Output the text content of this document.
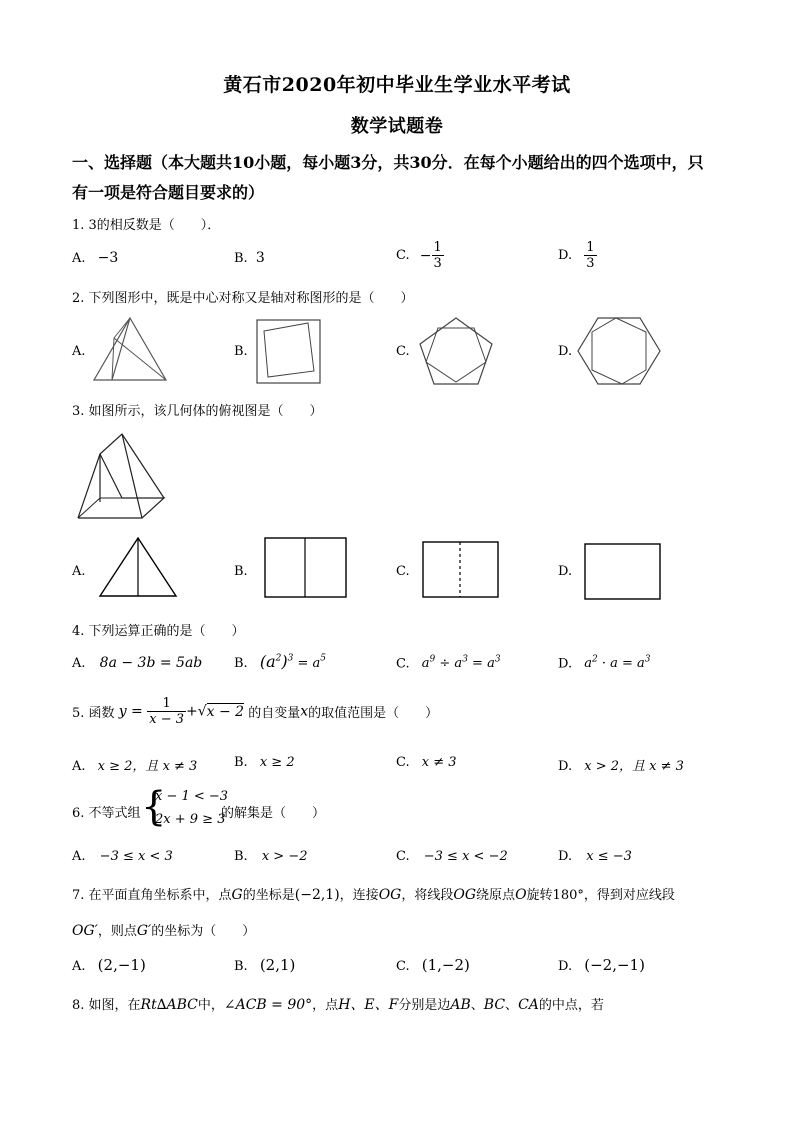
黄石市2020年初中毕业生学业水平考试
数学试题卷
一、选择题（本大题共10小题，每小题3分，共30分．在每个小题给出的四个选项中，只
有一项是符合题目要求的）
1. 3的相反数是（　　）．
A. −3	B. 3	C. − $\frac{1}{3}$	D. $\frac{1}{3}$
2. 下列图形中，既是中心对称又是轴对称图形的是（　　）
A.	B.	C.	D.
3. 如图所示，该几何体的俯视图是（　　）
A.	B.	C.	D.
4. 下列运算正确的是（　　）
A. 8a − 3b = 5ab B. $(a^2)^3 = a^5$	C. $a^9 \div a^3 = a^3$	D. $a^2 \cdot a = a^3$
5. 函数 $y = \frac{1}{x - 3} +√x - 2$ 的自变量x的取值范围是（　　）
A. x ≥ 2，且 x ≠ 3	B. x ≥ 2	C. x ≠ 3	D. x > 2，且 x ≠ 3
6. 不等式组 {
x − 1 < −3
2x + 9 ≥ 3
的解集是（　　）
A. −3 ≤ x < 3	B. x > −2	C. −3 ≤ x < −2	D. x ≤ −3
7. 在平面直角坐标系中，点G的坐标是(−2,1)，连接OG，将线段OG绕原点O旋转180°，得到对应线段
OG′，则点G′的坐标为（　　）
A. (2,−1)	B. (2,1)	C. (1,−2)	D. (−2,−1)
8. 如图，在Rt∆ABC中，∠ACB = 90°，点H、E、F分别是边AB、BC、CA的中点，若
